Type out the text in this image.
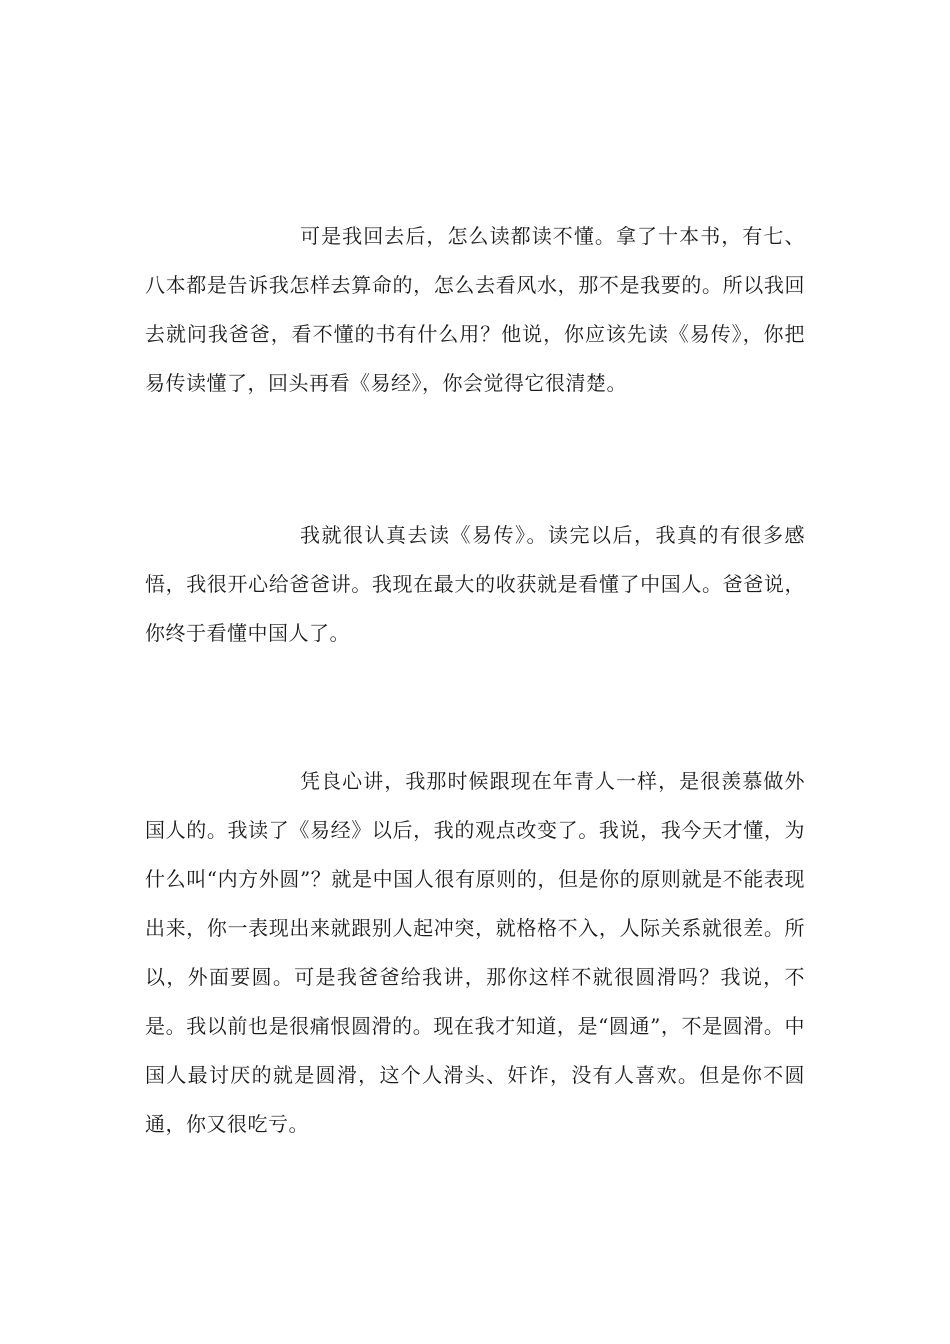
可是我回去后，怎么读都读不懂。拿了十本书，有七、八本都是告诉我怎样去算命的，怎么去看风水，那不是我要的。所以我回去就问我爸爸，看不懂的书有什么用？他说，你应该先读《易传》，你把易传读懂了，回头再看《易经》，你会觉得它很清楚。

我就很认真去读《易传》。读完以后，我真的有很多感悟，我很开心给爸爸讲。我现在最大的收获就是看懂了中国人。爸爸说，你终于看懂中国人了。

凭良心讲，我那时候跟现在年青人一样，是很羡慕做外国人的。我读了《易经》以后，我的观点改变了。我说，我今天才懂，为什么叫“内方外圆”？就是中国人很有原则的，但是你的原则就是不能表现出来，你一表现出来就跟别人起冲突，就格格不入，人际关系就很差。所以，外面要圆。可是我爸爸给我讲，那你这样不就很圆滑吗？我说，不是。我以前也是很痛恨圆滑的。现在我才知道，是“圆通”，不是圆滑。中国人最讨厌的就是圆滑，这个人滑头、奸诈，没有人喜欢。但是你不圆通，你又很吃亏。
